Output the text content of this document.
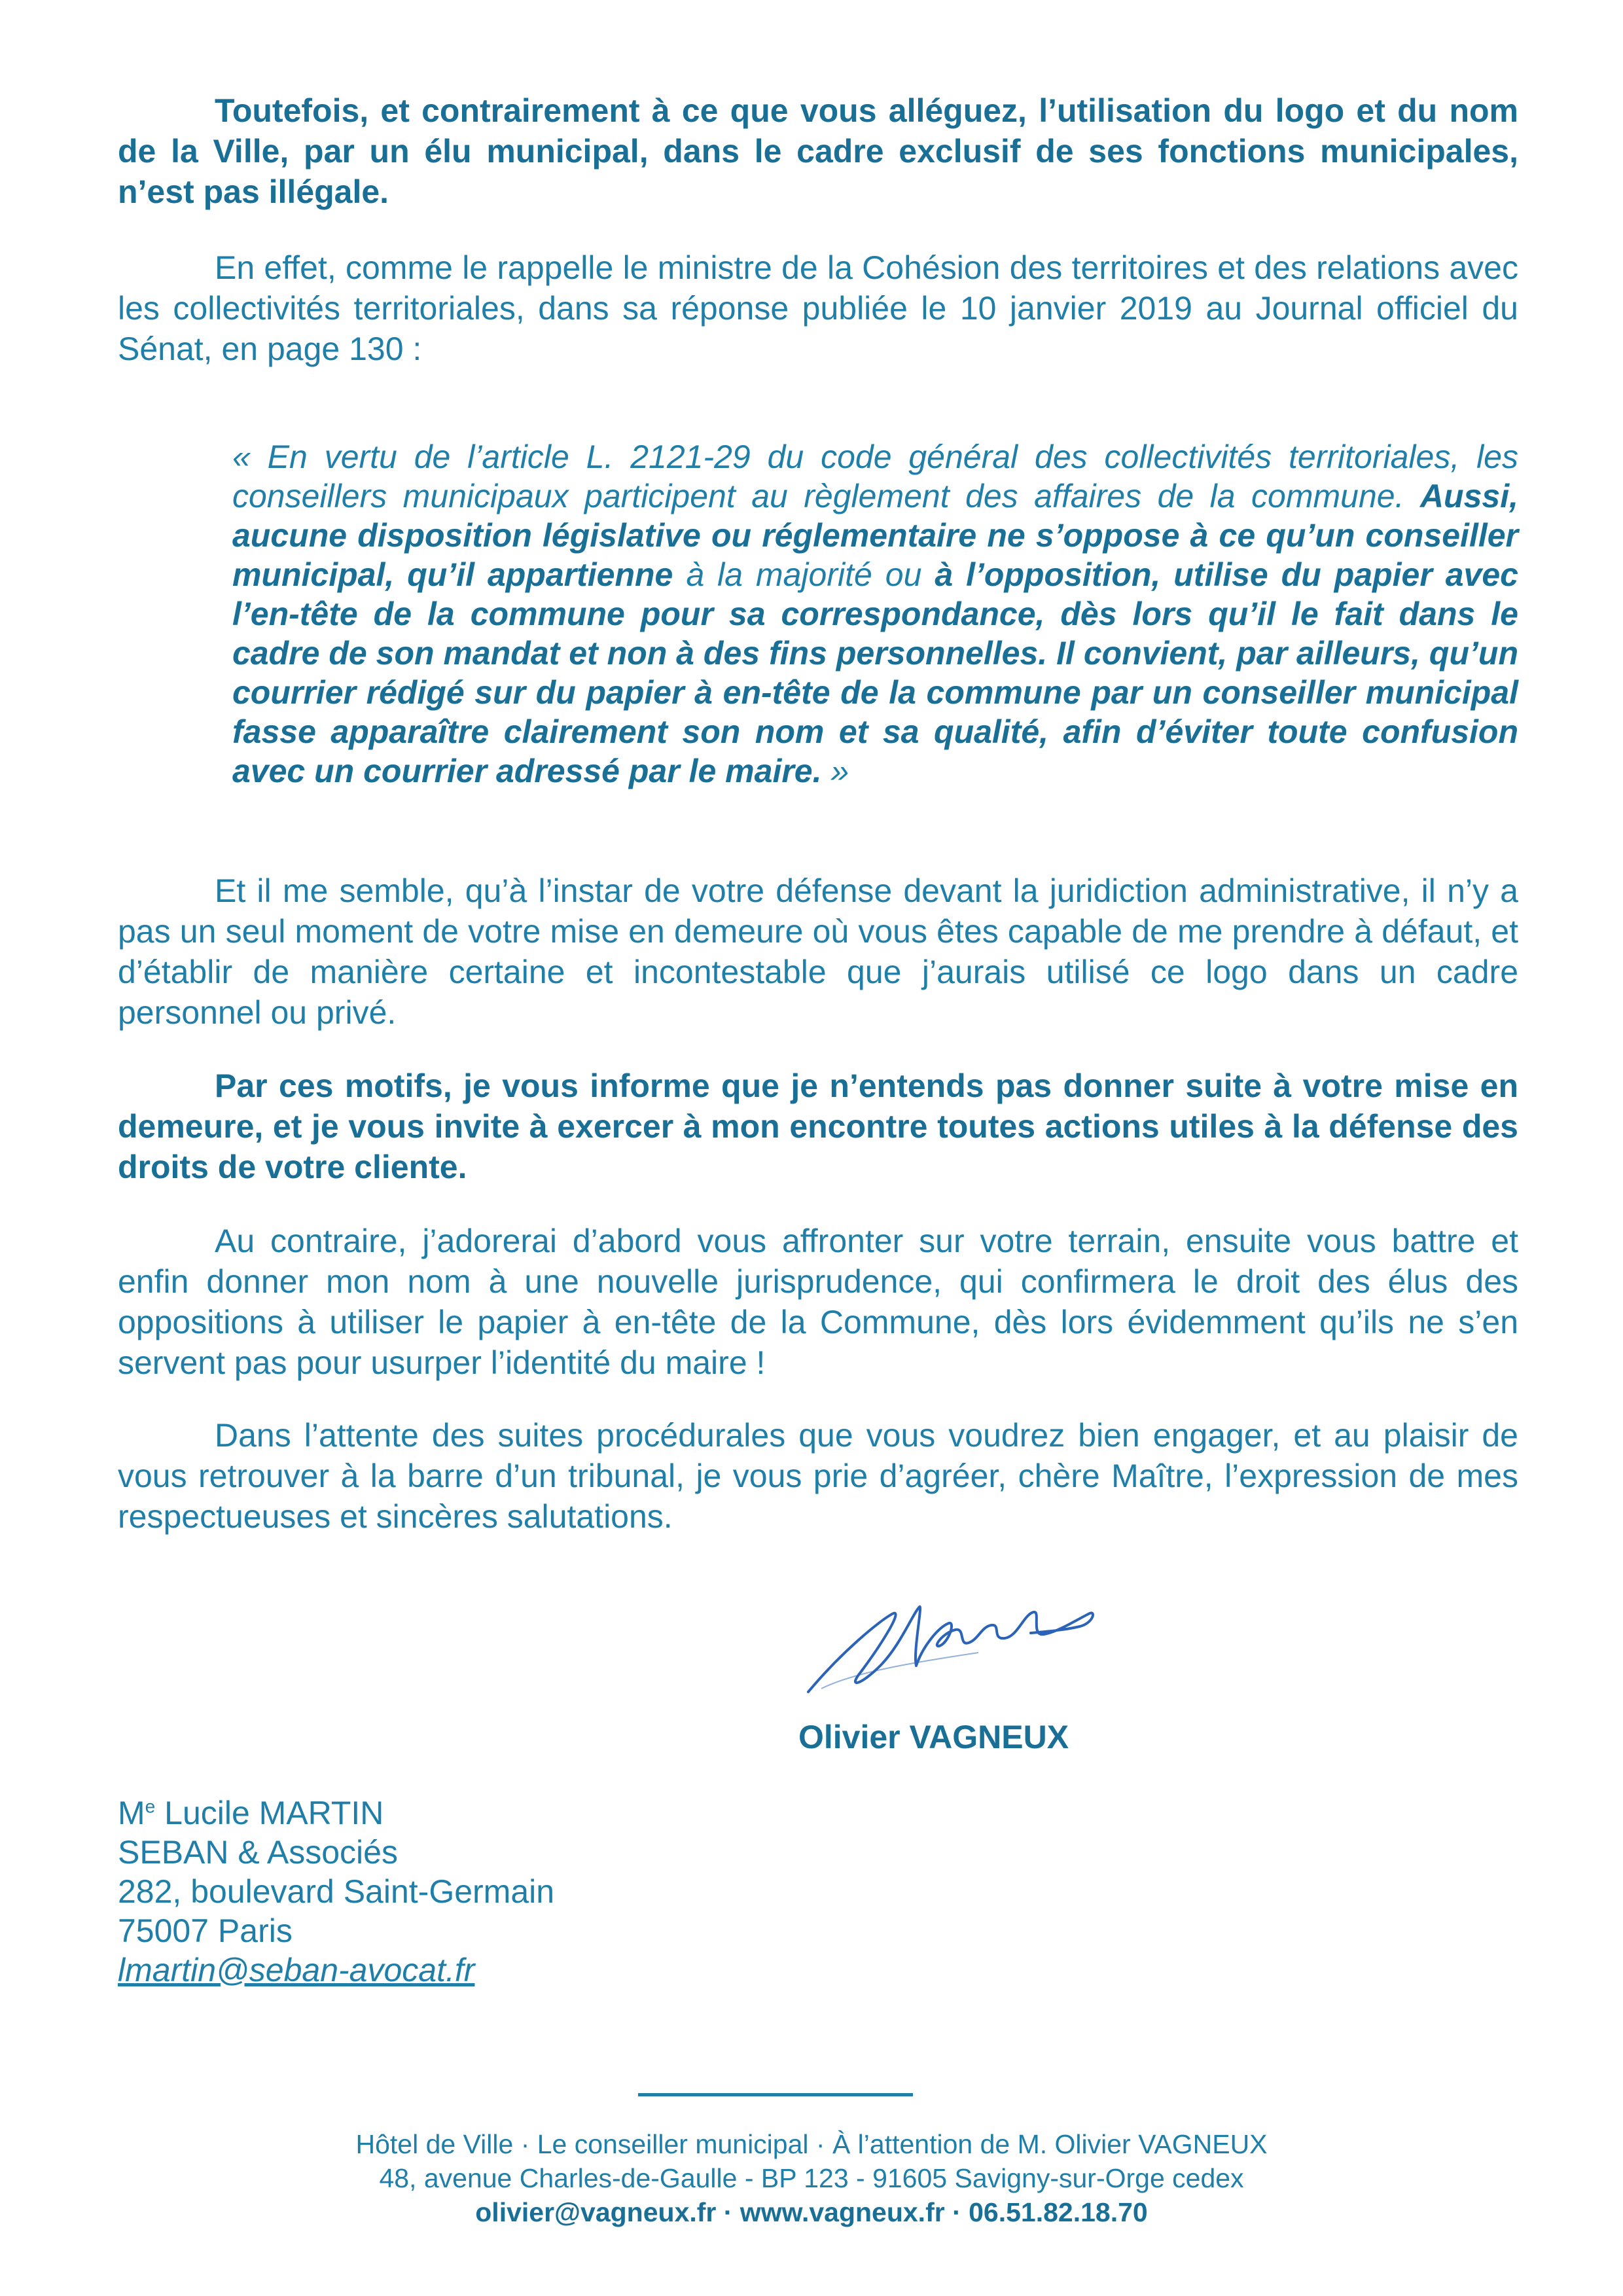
Toutefois, et contrairement à ce que vous alléguez, l’utilisation du logo et du nom de la Ville, par un élu municipal, dans le cadre exclusif de ses fonctions municipales, n’est pas illégale.

En effet, comme le rappelle le ministre de la Cohésion des territoires et des relations avec les collectivités territoriales, dans sa réponse publiée le 10 janvier 2019 au Journal officiel du Sénat, en page 130 :

« En vertu de l’article L. 2121-29 du code général des collectivités territoriales, les conseillers municipaux participent au règlement des affaires de la commune. Aussi, aucune disposition législative ou réglementaire ne s’oppose à ce qu’un conseiller municipal, qu’il appartienne à la majorité ou à l’opposition, utilise du papier avec l’en-tête de la commune pour sa correspondance, dès lors qu’il le fait dans le cadre de son mandat et non à des fins personnelles. Il convient, par ailleurs, qu’un courrier rédigé sur du papier à en-tête de la commune par un conseiller municipal fasse apparaître clairement son nom et sa qualité, afin d’éviter toute confusion avec un courrier adressé par le maire. »

Et il me semble, qu’à l’instar de votre défense devant la juridiction administrative, il n’y a pas un seul moment de votre mise en demeure où vous êtes capable de me prendre à défaut, et d’établir de manière certaine et incontestable que j’aurais utilisé ce logo dans un cadre personnel ou privé.

Par ces motifs, je vous informe que je n’entends pas donner suite à votre mise en demeure, et je vous invite à exercer à mon encontre toutes actions utiles à la défense des droits de votre cliente.

Au contraire, j’adorerai d’abord vous affronter sur votre terrain, ensuite vous battre et enfin donner mon nom à une nouvelle jurisprudence, qui confirmera le droit des élus des oppositions à utiliser le papier à en-tête de la Commune, dès lors évidemment qu’ils ne s’en servent pas pour usurper l’identité du maire !

Dans l’attente des suites procédurales que vous voudrez bien engager, et au plaisir de vous retrouver à la barre d’un tribunal, je vous prie d’agréer, chère Maître, l’expression de mes respectueuses et sincères salutations.

Olivier VAGNEUX
Me Lucile MARTIN
SEBAN & Associés
282, boulevard Saint-Germain
75007 Paris
lmartin@seban-avocat.fr
Hôtel de Ville · Le conseiller municipal · À l’attention de M. Olivier VAGNEUX
48, avenue Charles-de-Gaulle - BP 123 - 91605 Savigny-sur-Orge cedex
olivier@vagneux.fr · www.vagneux.fr · 06.51.82.18.70
